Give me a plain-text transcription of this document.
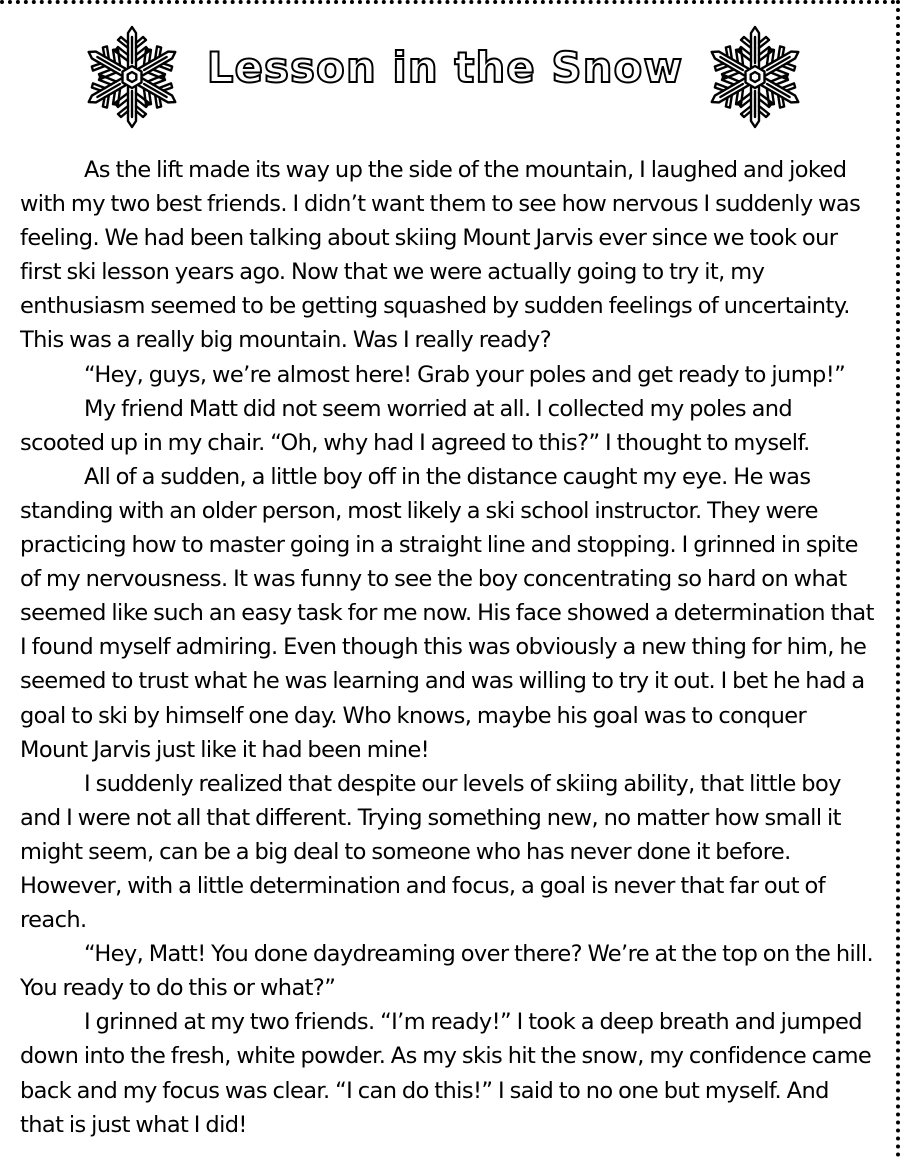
Lesson in the Snow

As the lift made its way up the side of the mountain, I laughed and joked with my two best friends. I didn’t want them to see how nervous I suddenly was feeling. We had been talking about skiing Mount Jarvis ever since we took our first ski lesson years ago. Now that we were actually going to try it, my enthusiasm seemed to be getting squashed by sudden feelings of uncertainty. This was a really big mountain. Was I really ready?

“Hey, guys, we’re almost here! Grab your poles and get ready to jump!”

My friend Matt did not seem worried at all. I collected my poles and scooted up in my chair. “Oh, why had I agreed to this?” I thought to myself.

All of a sudden, a little boy off in the distance caught my eye. He was standing with an older person, most likely a ski school instructor. They were practicing how to master going in a straight line and stopping. I grinned in spite of my nervousness. It was funny to see the boy concentrating so hard on what seemed like such an easy task for me now. His face showed a determination that I found myself admiring. Even though this was obviously a new thing for him, he seemed to trust what he was learning and was willing to try it out. I bet he had a goal to ski by himself one day. Who knows, maybe his goal was to conquer Mount Jarvis just like it had been mine!

I suddenly realized that despite our levels of skiing ability, that little boy and I were not all that different. Trying something new, no matter how small it might seem, can be a big deal to someone who has never done it before. However, with a little determination and focus, a goal is never that far out of reach.

“Hey, Matt! You done daydreaming over there? We’re at the top on the hill. You ready to do this or what?”

I grinned at my two friends. “I’m ready!” I took a deep breath and jumped down into the fresh, white powder. As my skis hit the snow, my confidence came back and my focus was clear. “I can do this!” I said to no one but myself. And that is just what I did!
